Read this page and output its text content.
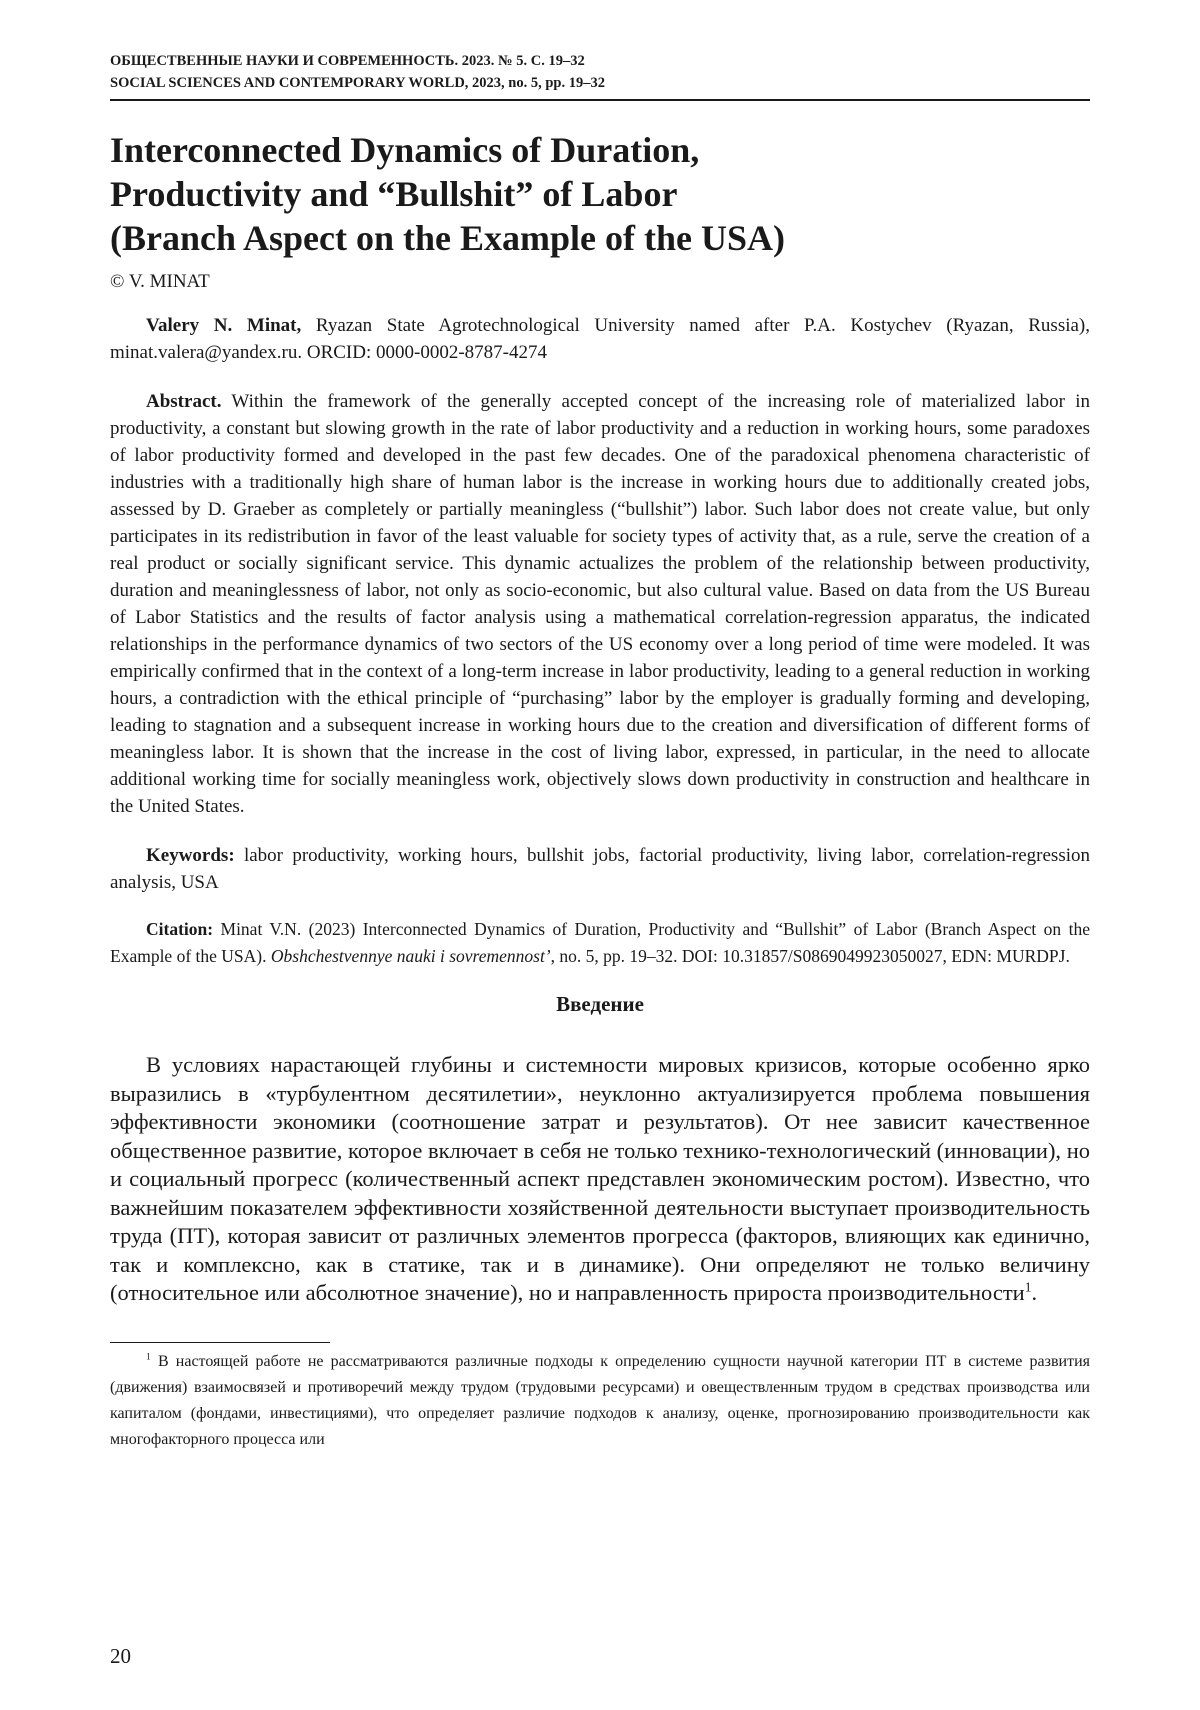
ОБЩЕСТВЕННЫЕ НАУКИ И СОВРЕМЕННОСТЬ. 2023. № 5. С. 19–32
SOCIAL SCIENCES AND CONTEMPORARY WORLD, 2023, no. 5, pp. 19–32
Interconnected Dynamics of Duration,
Productivity and “Bullshit” of Labor
(Branch Aspect on the Example of the USA)
© V. MINAT

Valery N. Minat, Ryazan State Agrotechnological University named after P.A. Kostychev (Ryazan, Russia), minat.valera@yandex.ru. ORCID: 0000-0002-8787-4274

Abstract. Within the framework of the generally accepted concept of the increasing role of materialized labor in productivity, a constant but slowing growth in the rate of labor productivity and a reduction in working hours, some paradoxes of labor productivity formed and developed in the past few decades. One of the paradoxical phenomena characteristic of industries with a traditionally high share of human labor is the increase in working hours due to additionally created jobs, assessed by D. Graeber as completely or partially meaningless (“bullshit”) labor. Such labor does not create value, but only participates in its redistribution in favor of the least valuable for society types of activity that, as a rule, serve the creation of a real product or socially significant service. This dynamic actualizes the problem of the relationship between productivity, duration and meaninglessness of labor, not only as socio-economic, but also cultural value. Based on data from the US Bureau of Labor Statistics and the results of factor analysis using a mathematical correlation-regression apparatus, the indicated relationships in the performance dynamics of two sectors of the US economy over a long period of time were modeled. It was empirically confirmed that in the context of a long-term increase in labor productivity, leading to a general reduction in working hours, a contradiction with the ethical principle of “purchasing” labor by the employer is gradually forming and developing, leading to stagnation and a subsequent increase in working hours due to the creation and diversification of different forms of meaningless labor. It is shown that the increase in the cost of living labor, expressed, in particular, in the need to allocate additional working time for socially meaningless work, objectively slows down productivity in construction and healthcare in the United States.

Keywords: labor productivity, working hours, bullshit jobs, factorial productivity, living labor, correlation-regression analysis, USA

Citation: Minat V.N. (2023) Interconnected Dynamics of Duration, Productivity and “Bullshit” of Labor (Branch Aspect on the Example of the USA). Obshchestvennye nauki i sovremennost’, no. 5, pp. 19–32. DOI: 10.31857/S0869049923050027, EDN: MURDPJ.

Введение

В условиях нарастающей глубины и системности мировых кризисов, которые особенно ярко выразились в «турбулентном десятилетии», неуклонно актуализируется проблема повышения эффективности экономики (соотношение затрат и результатов). От нее зависит качественное общественное развитие, которое включает в себя не только технико-технологический (инновации), но и социальный прогресс (количественный аспект представлен экономическим ростом). Известно, что важнейшим показателем эффективности хозяйственной деятельности выступает производительность труда (ПТ), которая зависит от различных элементов прогресса (факторов, влияющих как единично, так и комплексно, как в статике, так и в динамике). Они определяют не только величину (относительное или абсолютное значение), но и направленность прироста производительности$^1$.

$^1$ В настоящей работе не рассматриваются различные подходы к определению сущности научной категории ПТ в системе развития (движения) взаимосвязей и противоречий между трудом (трудовыми ресурсами) и овеществленным трудом в средствах производства или капиталом (фондами, инвестициями), что определяет различие подходов к анализу, оценке, прогнозированию производительности как многофакторного процесса или

20
